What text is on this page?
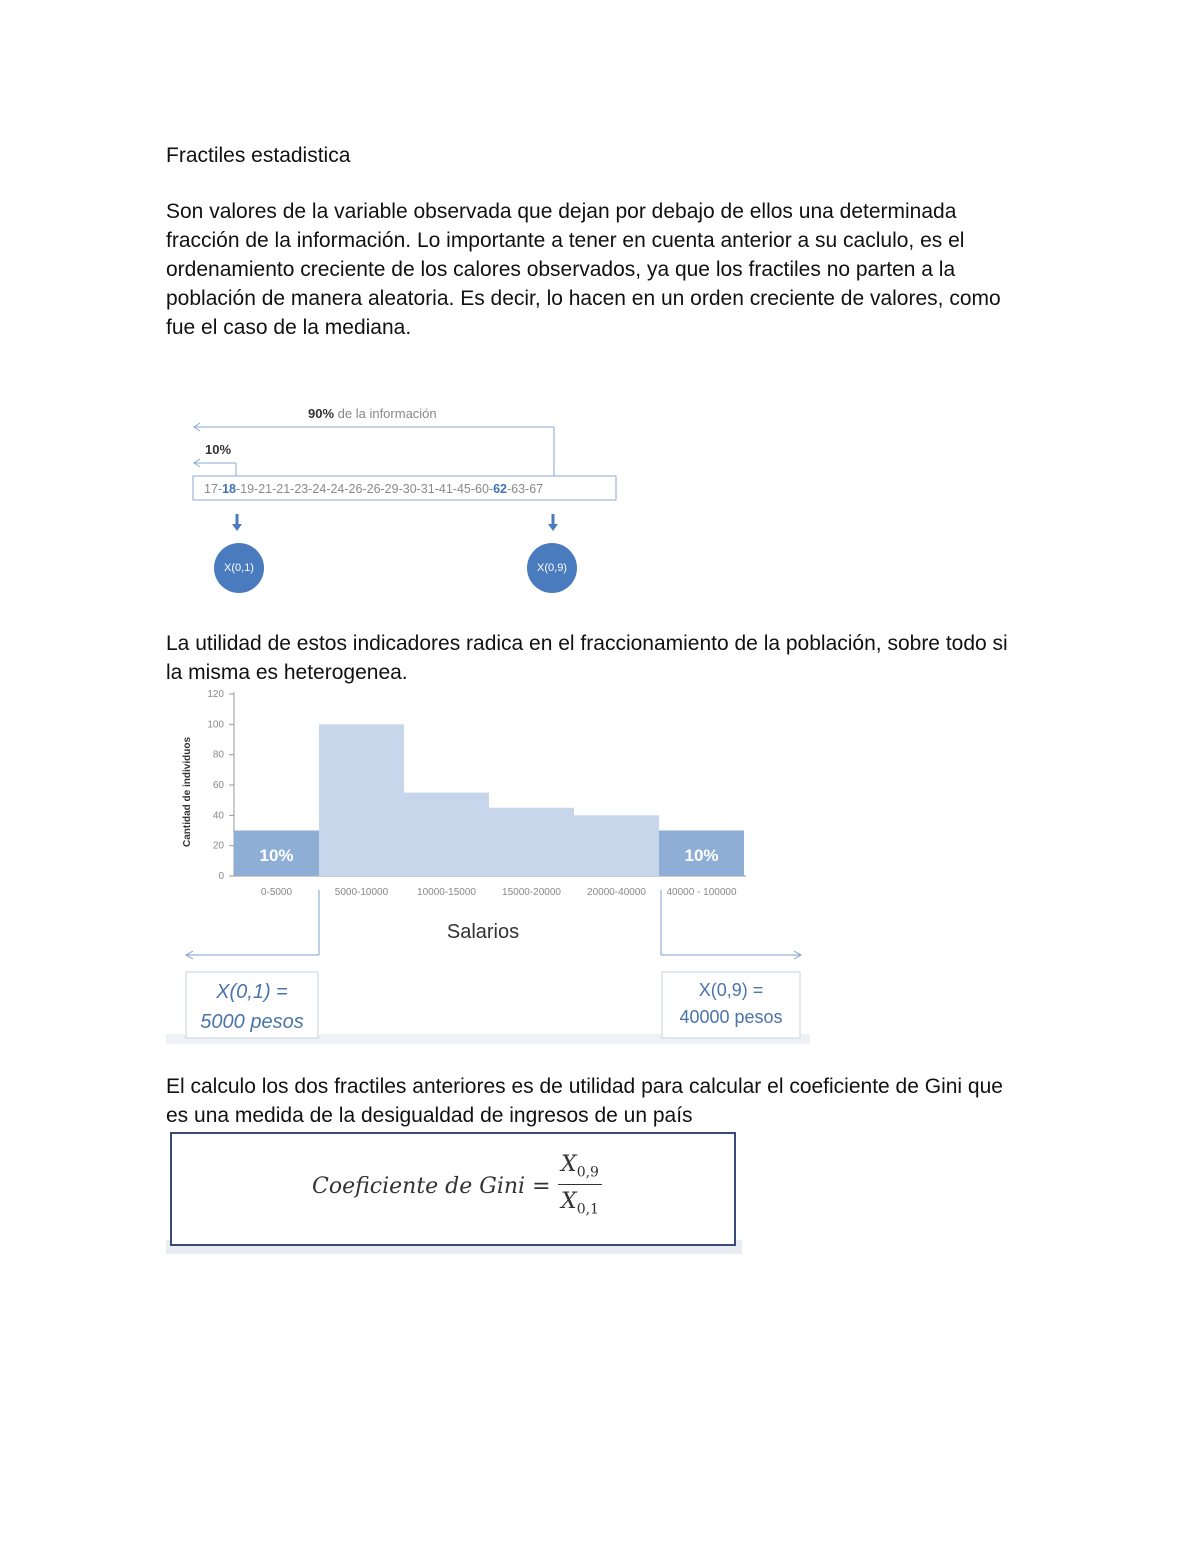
Fractiles estadistica
Son valores de la variable observada que dejan por debajo de ellos una determinada
fracción de la información. Lo importante a tener en cuenta anterior a su caclulo, es el
ordenamiento creciente de los calores observados, ya que los fractiles no parten a la
población de manera aleatoria. Es decir, lo hacen en un orden creciente de valores, como
fue el caso de la mediana.
90% de la información
10%
17-18-19-21-21-23-24-24-26-26-29-30-31-41-45-60-62-63-67
X(0,1)	X(0,9)
La utilidad de estos indicadores radica en el fraccionamiento de la población, sobre todo si
la misma es heterogenea.
Cantidad de individuos
0
20
40
60
80
100
120
10%	10%
0-5000	5000-10000	10000-15000	15000-20000	20000-40000 40000 - 100000
Salarios
X(0,1) =
5000 pesos
X(0,9) =
40000 pesos
El calculo los dos fractiles anteriores es de utilidad para calcular el coeficiente de Gini que
es una medida de la desigualdad de ingresos de un país
Coeficiente de Gini = $\frac{X_{0,9}}{X_{0,1}}$
